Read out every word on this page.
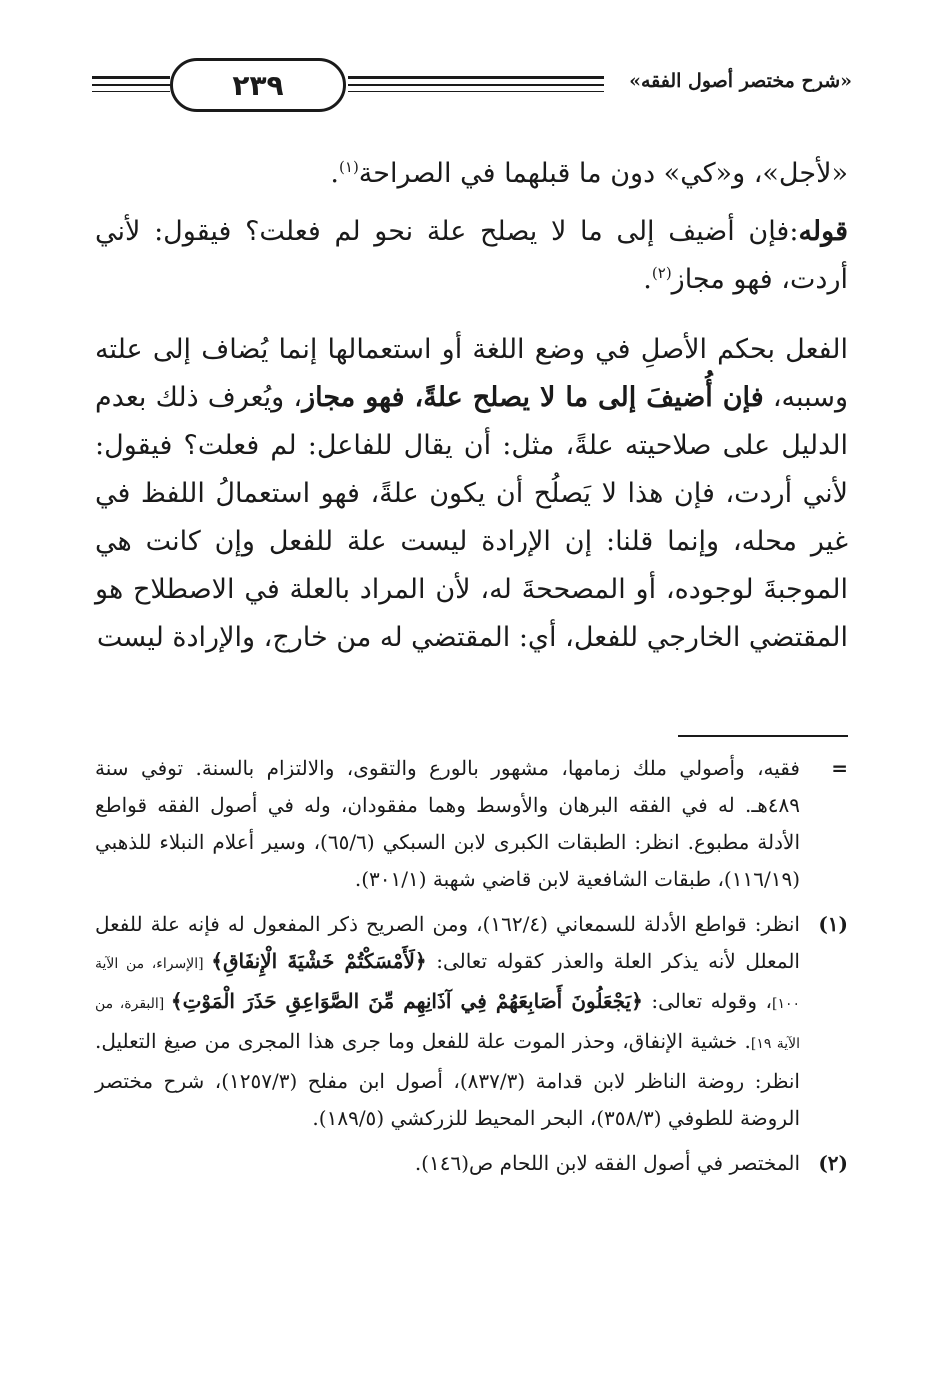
٢٣٩	«شرح مختصر أصول الفقه»

«لأجل»، و«كي» دون ما قبلهما في الصراحة$^{(١)}$.

قوله:فإن أضيف إلى ما لا يصلح علة نحو لم فعلت؟ فيقول: لأني أردت، فهو مجاز$^{(٢)}$.

الفعل بحكم الأصلِ في وضع اللغة أو استعمالها إنما يُضاف إلى علته وسببه، فإن أُضيفَ إلى ما لا يصلح علةً، فهو مجاز، ويُعرف ذلك بعدم الدليل على صلاحيته علةً، مثل: أن يقال للفاعل: لم فعلت؟ فيقول: لأني أردت، فإن هذا لا يَصلُح أن يكون علةً، فهو استعمالُ اللفظ في غير محله، وإنما قلنا: إن الإرادة ليست علة للفعل وإن كانت هي الموجبةَ لوجوده، أو المصححةَ له، لأن المراد بالعلة في الاصطلاح هو المقتضي الخارجي للفعل، أي: المقتضي له من خارج، والإرادة ليست

=
فقيه، وأصولي ملك زمامها، مشهور بالورع والتقوى، والالتزام بالسنة. توفي سنة ٤٨٩هـ. له في الفقه البرهان والأوسط وهما مفقودان، وله في أصول الفقه قواطع الأدلة مطبوع. انظر: الطبقات الكبرى لابن السبكي (٦٥/٦)، وسير أعلام النبلاء للذهبي (١١٦/١٩)، طبقات الشافعية لابن قاضي شهبة (٣٠١/١).
(١)
انظر: قواطع الأدلة للسمعاني (١٦٢/٤)، ومن الصريح ذكر المفعول له فإنه علة للفعل المعلل لأنه يذكر العلة والعذر كقوله تعالى: ﴿لَأَمْسَكْتُمْ خَشْيَةَ الْإِنفَاقِ﴾ [الإسراء، من الآية ١٠٠]، وقوله تعالى: ﴿يَجْعَلُونَ أَصَابِعَهُمْ فِي آذَانِهِم مِّنَ الصَّوَاعِقِ حَذَرَ الْمَوْتِ﴾ [البقرة، من الآية ١٩]. خشية الإنفاق، وحذر الموت علة للفعل وما جرى هذا المجرى من صيغ التعليل. انظر: روضة الناظر لابن قدامة (٨٣٧/٣)، أصول ابن مفلح (١٢٥٧/٣)، شرح مختصر الروضة للطوفي (٣٥٨/٣)، البحر المحيط للزركشي (١٨٩/٥).
(٢)
المختصر في أصول الفقه لابن اللحام ص(١٤٦).
